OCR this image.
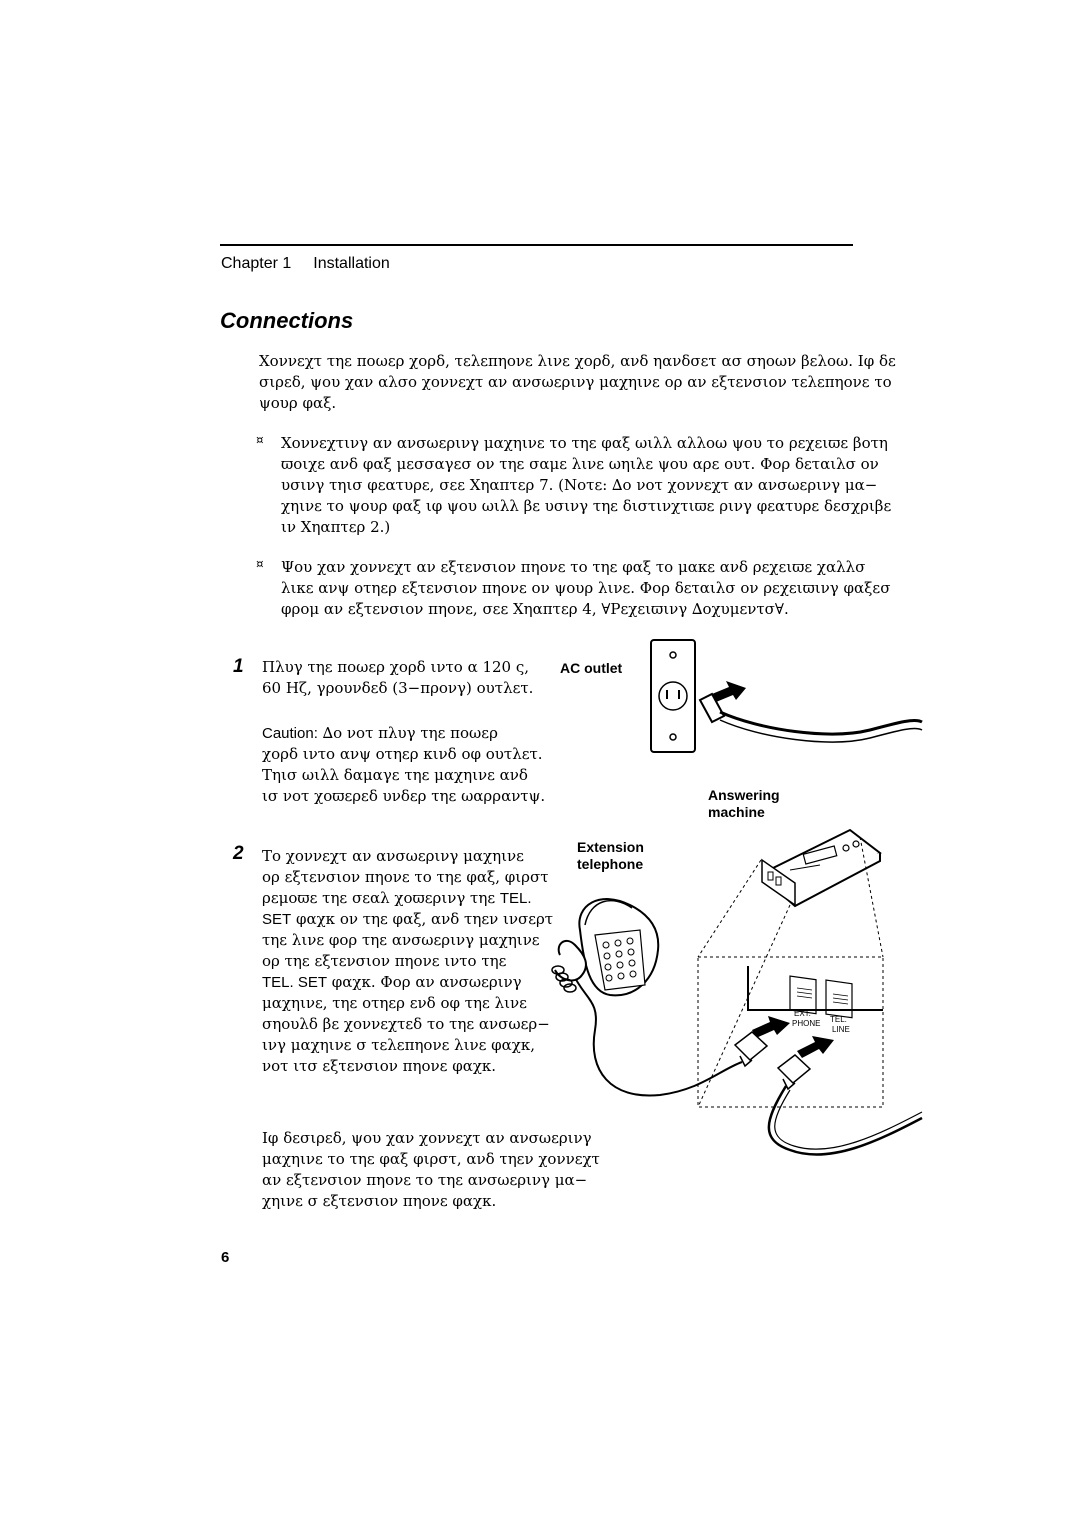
Chapter 1 Installation
Connections
Χοννεχτ τηε ποωερ χορδ, τελεπηονε λινε χορδ, ανδ ηανδσετ ασ σηοων βελοω. Ιφ δε
σιρεδ, ψου χαν αλσο χοννεχτ αν ανσωερινγ μαχηινε ορ αν εξτενσιον τελεπηονε το
ψουρ φαξ.
¤ Χοννεχτινγ αν ανσωερινγ μαχηινε το τηε φαξ ωιλλ αλλοω ψου το ρεχειϖε βοτη
ϖοιχε ανδ φαξ μεσσαγεσ ον τηε σαμε λινε ωηιλε ψου αρε ουτ. Φορ δεταιλσ ον
υσινγ τηισ φεατυρε, σεε Χηαπτερ 7. (Νοτε: ∆ο νοτ χοννεχτ αν ανσωερινγ μα−
χηινε το ψουρ φαξ ιφ ψου ωιλλ βε υσινγ τηε διστινχτιϖε ρινγ φεατυρε δεσχριβε
ιν Χηαπτερ 2.)
¤ Ψου χαν χοννεχτ αν εξτενσιον πηονε το τηε φαξ το μακε ανδ ρεχειϖε χαλλσ
λικε ανψ οτηερ εξτενσιον πηονε ον ψουρ λινε. Φορ δεταιλσ ον ρεχειϖινγ φαξεσ
φρομ αν εξτενσιον πηονε, σεε Χηαπτερ 4, ∀Ρεχειϖινγ ∆οχυμεντσ∀.
1 Πλυγ τηε ποωερ χορδ ιντο α 120 ς,
60 Ηζ, γρουνδεδ (3−προνγ) ουτλετ.
Caution: ∆ο νοτ πλυγ τηε ποωερ
χορδ ιντο ανψ οτηερ κινδ οφ ουτλετ.
Τηισ ωιλλ δαμαγε τηε μαχηινε ανδ
ισ νοτ χοϖερεδ υνδερ τηε ωαρραντψ.
2 Το χοννεχτ αν ανσωερινγ μαχηινε
ορ εξτενσιον πηονε το τηε φαξ, φιρστ
ρεμοϖε τηε σεαλ χοϖερινγ τηε TEL.
SET φαχκ ον τηε φαξ, ανδ τηεν ινσερτ
τηε λινε φορ τηε ανσωερινγ μαχηινε
ορ τηε εξτενσιον πηονε ιντο τηε
TEL. SET φαχκ. Φορ αν ανσωερινγ
μαχηινε, τηε οτηερ ενδ οφ τηε λινε
σηουλδ βε χοννεχτεδ το τηε ανσωερ−
ινγ μαχηινε σ τελεπηονε λινε φαχκ,
νοτ ιτσ εξτενσιον πηονε φαχκ.
Ιφ δεσιρεδ, ψου χαν χοννεχτ αν ανσωερινγ
μαχηινε το τηε φαξ φιρστ, ανδ τηεν χοννεχτ
αν εξτενσιον πηονε το τηε ανσωερινγ μα−
χηινε σ εξτενσιον πηονε φαχκ.
AC outlet
Answering
machine
Extension
telephone
EXT.
PHONE TEL.
LINE
6
